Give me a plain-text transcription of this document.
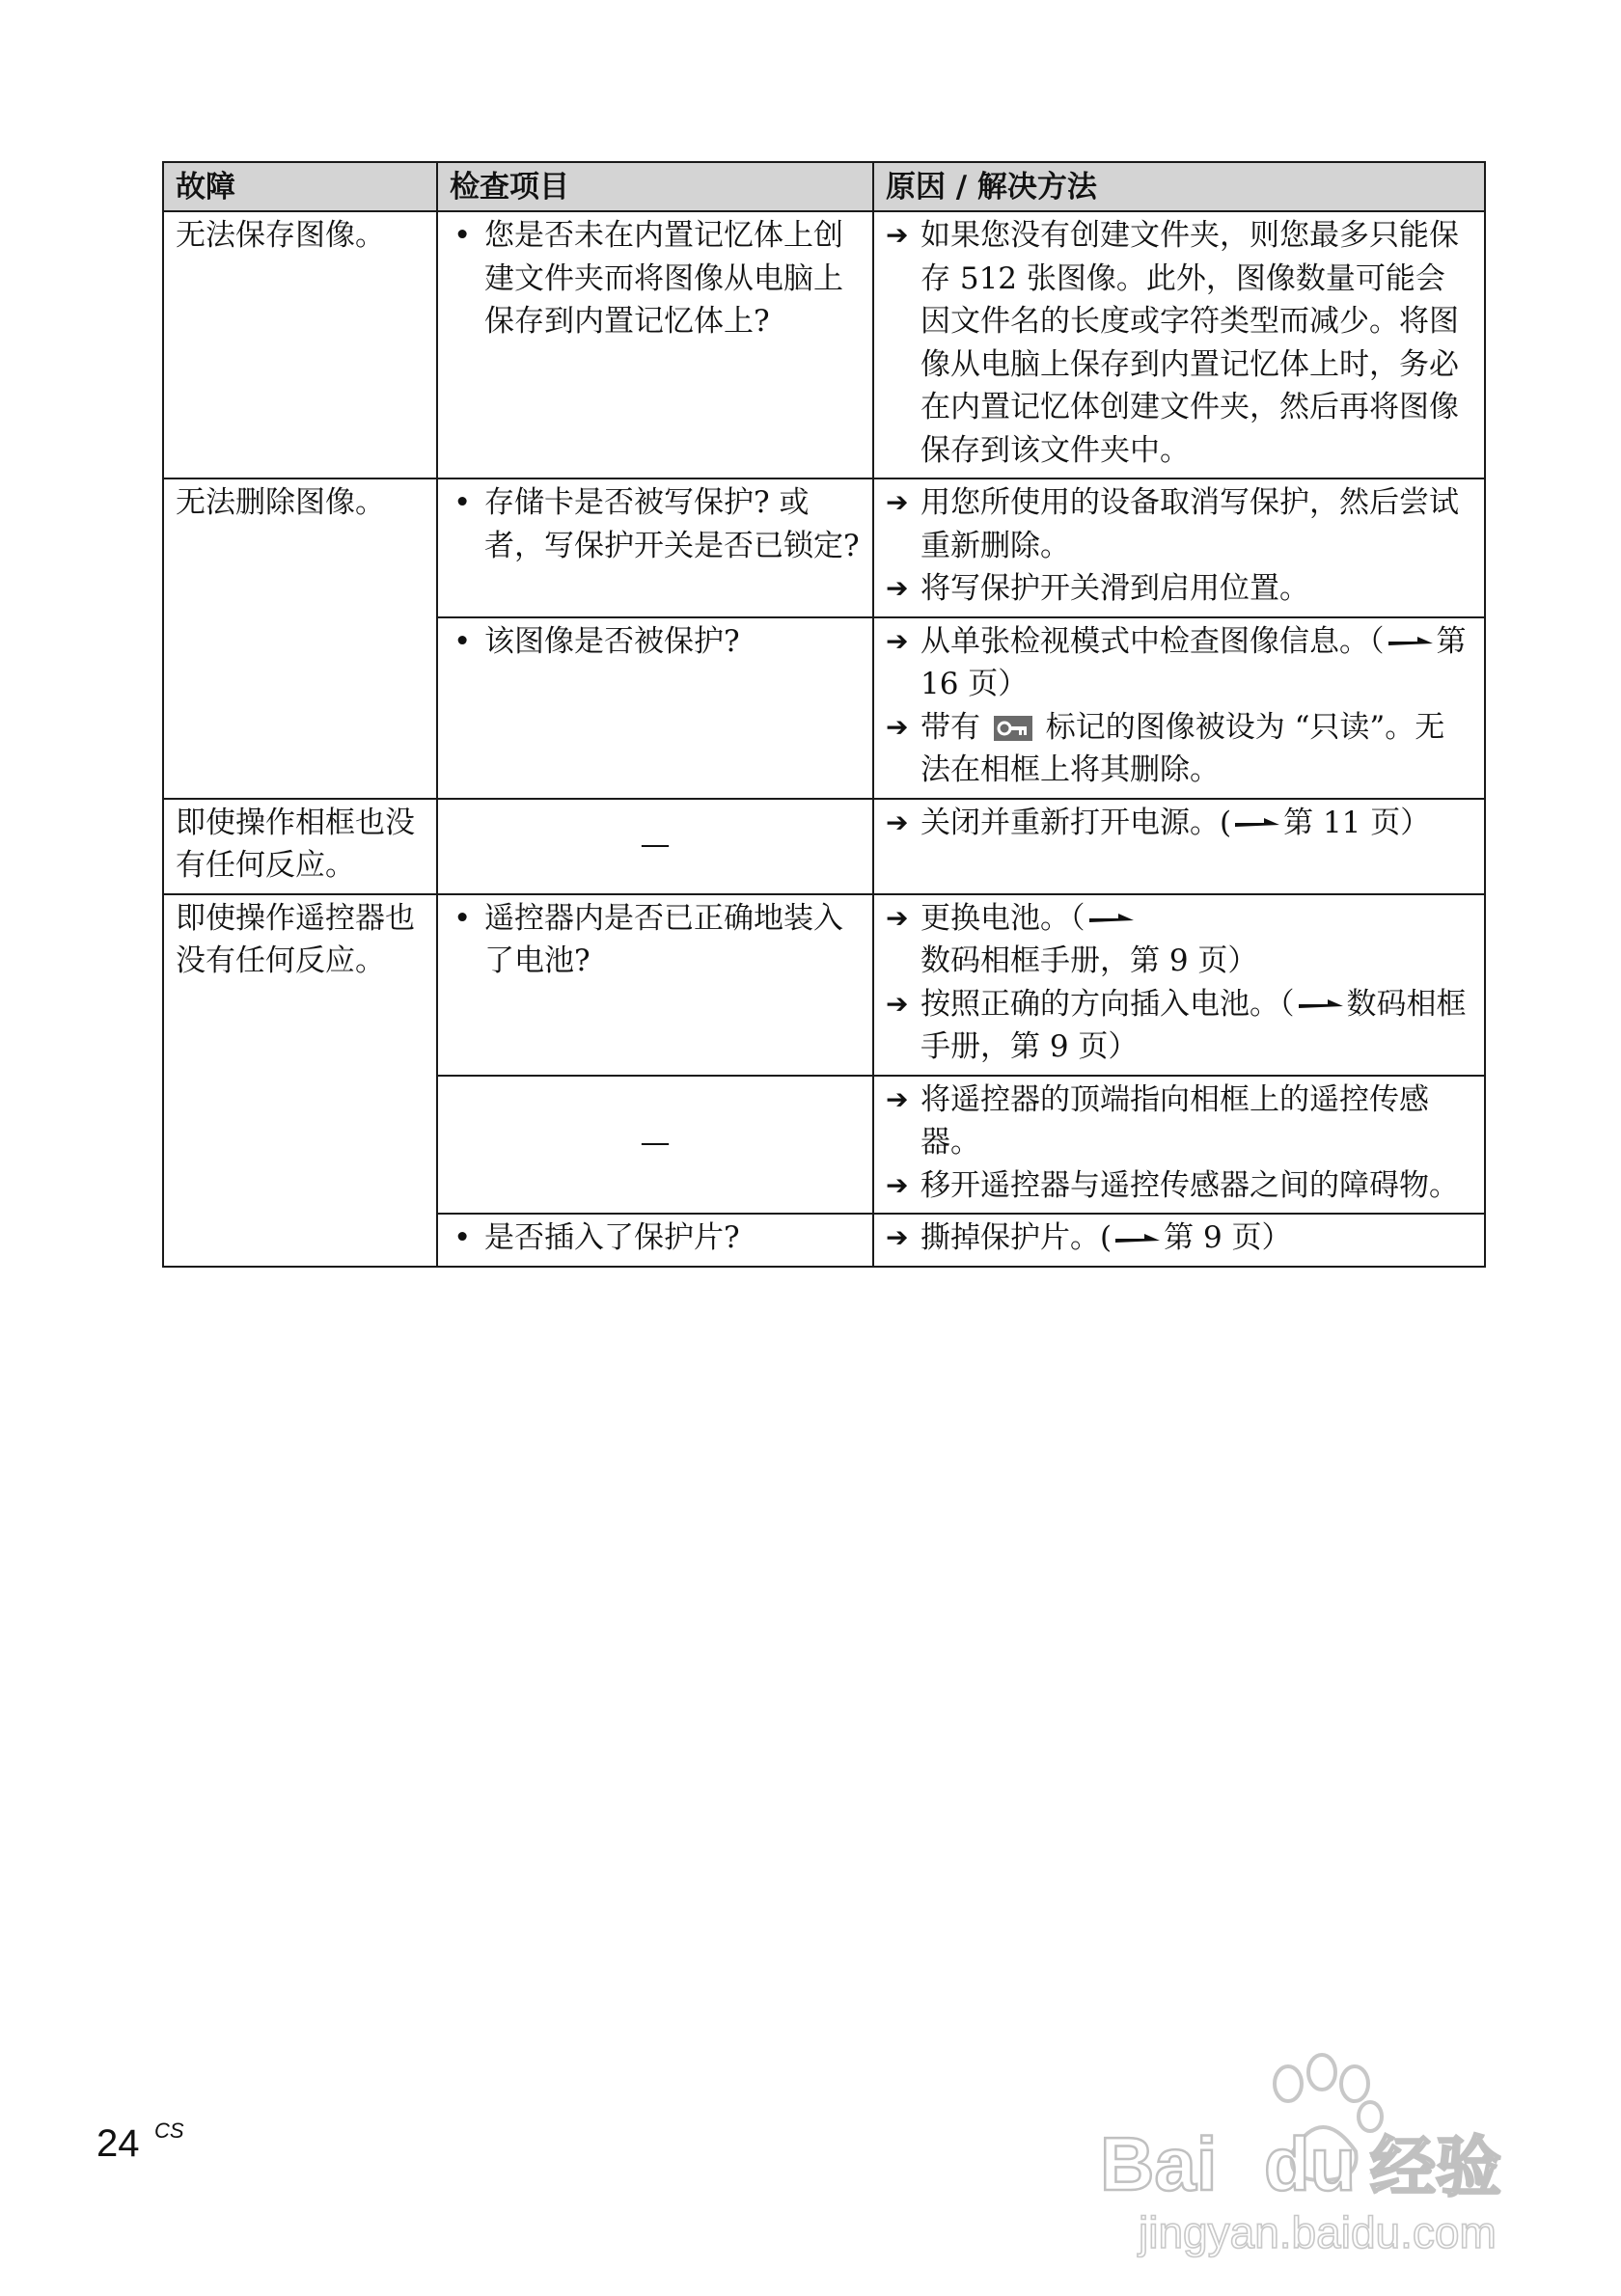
故障	检查项目	原因 / 解决方法
无法保存图像。	• 您是否未在内置记忆体上创建文件夹而将图像从电脑上保存到内置记忆体上?	➔ 如果您没有创建文件夹，则您最多只能保存 512 张图像。此外，图像数量可能会因文件名的长度或字符类型而减少。将图像从电脑上保存到内置记忆体上时，务必在内置记忆体创建文件夹，然后再将图像保存到该文件夹中。

无法删除图像。	• 存储卡是否被写保护? 或者，写保护开关是否已锁定?	➔ 用您所使用的设备取消写保护，然后尝试重新删除。
➔ 将写保护开关滑到启用位置。

	• 该图像是否被保护?	➔ 从单张检视模式中检查图像信息。（ 第 16 页）
➔ 带有  标记的图像被设为 “只读”。无法在相框上将其删除。

即使操作相框也没有任何反应。	—	➔ 关闭并重新打开电源。( 第 11 页）

即使操作遥控器也没有任何反应。	• 遥控器内是否已正确地装入了电池?	➔ 更换电池。（数码相框手册，第 9 页）
➔ 按照正确的方向插入电池。（ 数码相框手册，第 9 页）

	—	➔ 将遥控器的顶端指向相框上的遥控传感器。
➔ 移开遥控器与遥控传感器之间的障碍物。

	• 是否插入了保护片?	➔ 撕掉保护片。( 第 9 页）
24 CS	Bai du 经验
jingyan.baidu.com
